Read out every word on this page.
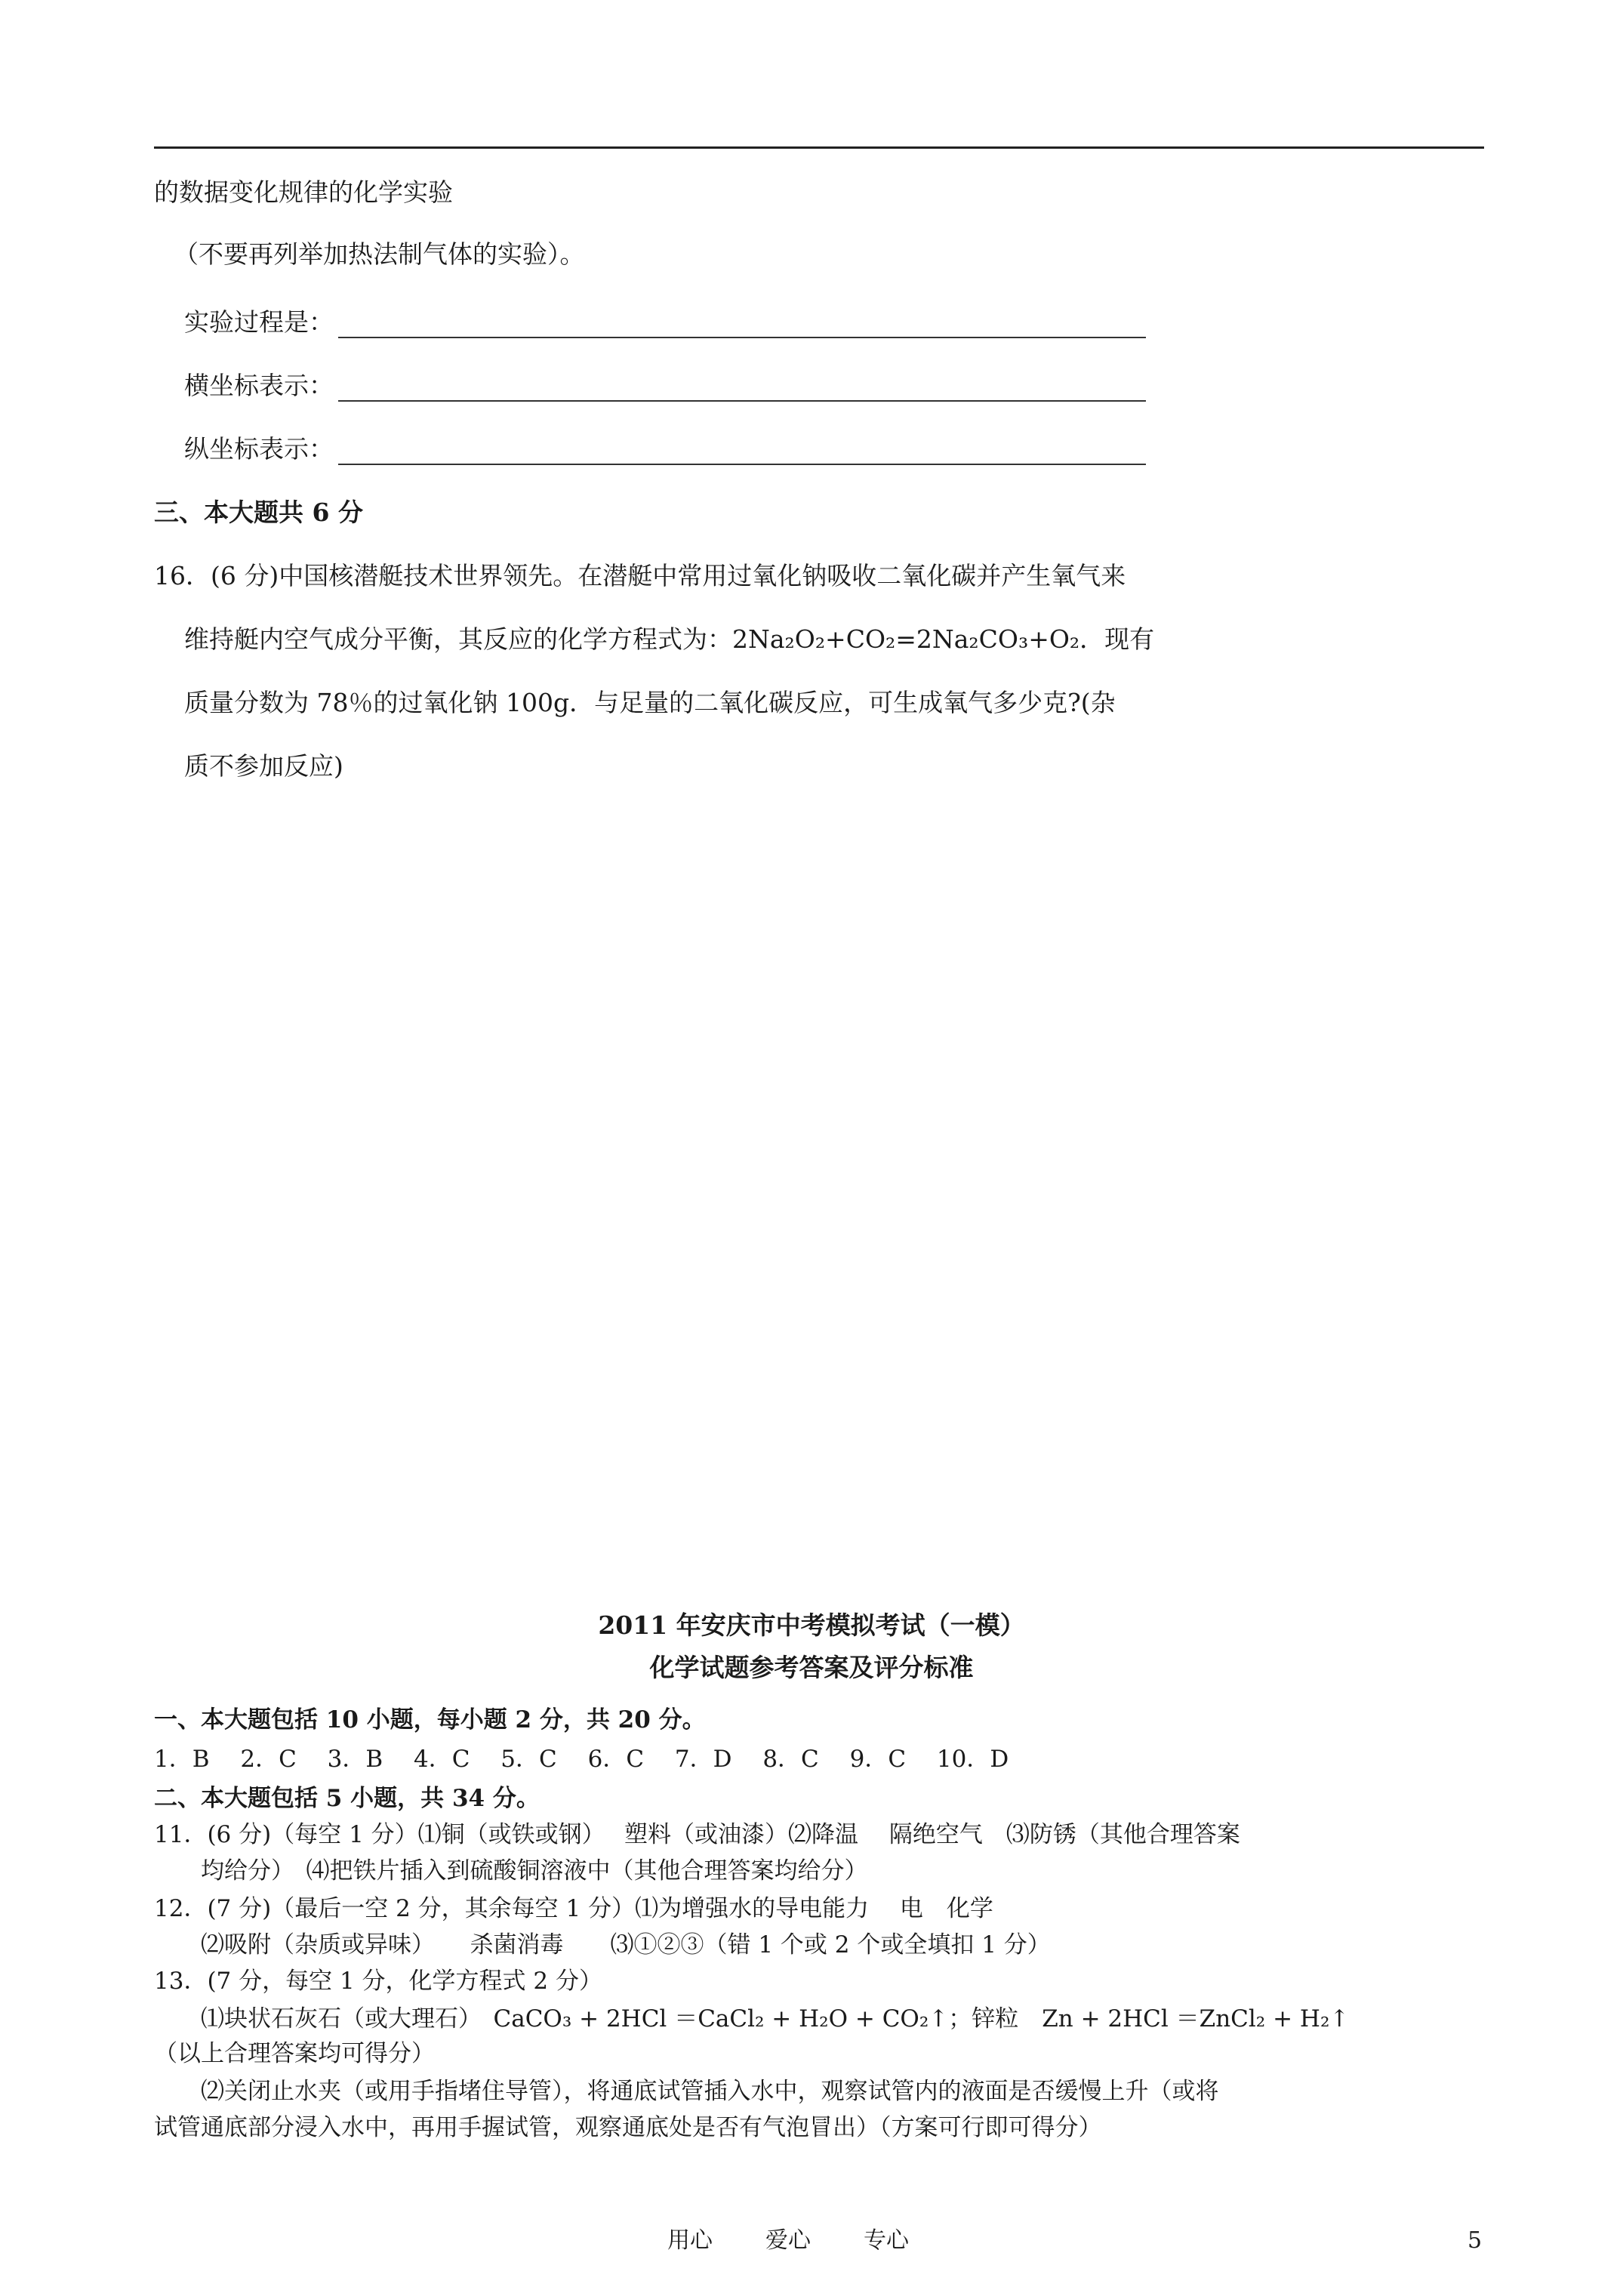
的数据变化规律的化学实验
（不要再列举加热法制气体的实验）。
实验过程是：
横坐标表示：
纵坐标表示：
三、本大题共 6 分
16．(6 分)中国核潜艇技术世界领先。在潜艇中常用过氧化钠吸收二氧化碳并产生氧气来
维持艇内空气成分平衡，其反应的化学方程式为：2Na₂O₂+CO₂=2Na₂CO₃+O₂．现有
质量分数为 78％的过氧化钠 100g．与足量的二氧化碳反应，可生成氧气多少克?(杂
质不参加反应)
2011 年安庆市中考模拟考试（一模）
化学试题参考答案及评分标准
一、本大题包括 10 小题，每小题 2 分，共 20 分。
1．B　 2．C　 3．B　 4．C　 5．C　 6．C　 7．D　 8．C　 9．C　 10．D
二、本大题包括 5 小题，共 34 分。
11．(6 分)（每空 1 分）⑴铜（或铁或钢）　 塑料（或油漆）⑵降温　 隔绝空气　⑶防锈（其他合理答案
　　均给分）　⑷把铁片插入到硫酸铜溶液中（其他合理答案均给分）
12．(7 分)（最后一空 2 分，其余每空 1 分）⑴为增强水的导电能力　 电　化学
　　⑵吸附（杂质或异味）　　杀菌消毒　　⑶①②③（错 1 个或 2 个或全填扣 1 分）
13．(7 分，每空 1 分，化学方程式 2 分）
　　⑴块状石灰石（或大理石）　CaCO₃ + 2HCl ＝CaCl₂ + H₂O + CO₂↑；锌粒　Zn + 2HCl ＝ZnCl₂ + H₂↑
（以上合理答案均可得分）
　　⑵关闭止水夹（或用手指堵住导管），将通底试管插入水中，观察试管内的液面是否缓慢上升（或将
试管通底部分浸入水中，再用手握试管，观察通底处是否有气泡冒出）（方案可行即可得分）
用心 爱心 专心	5
